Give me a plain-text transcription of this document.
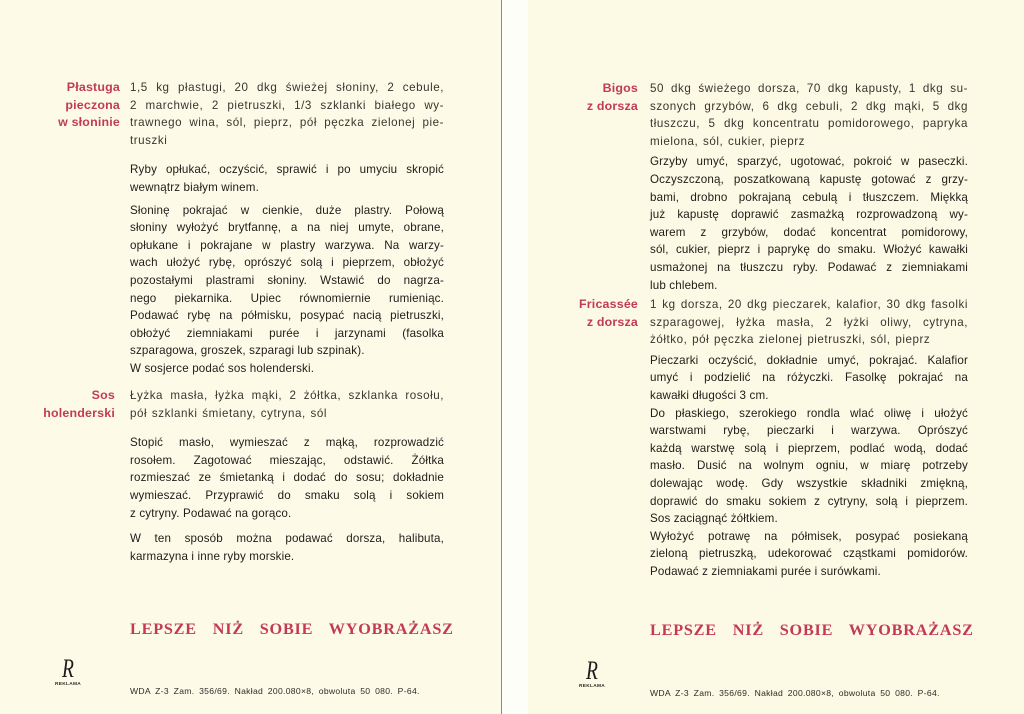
Płastuga
pieczona
w słoninie
1,5 kg płastugi, 20 dkg świeżej słoniny, 2 cebule,
2 marchwie, 2 pietruszki, 1/3 szklanki białego wy-
trawnego wina, sól, pieprz, pół pęczka zielonej pie-
truszki
Ryby opłukać, oczyścić, sprawić i po umyciu skropić
wewnątrz białym winem.
Słoninę pokrajać w cienkie, duże plastry. Połową
słoniny wyłożyć brytfannę, a na niej umyte, obrane,
opłukane i pokrajane w plastry warzywa. Na warzy-
wach ułożyć rybę, oprószyć solą i pieprzem, obłożyć
pozostałymi plastrami słoniny. Wstawić do nagrza-
nego piekarnika. Upiec równomiernie rumieniąc.
Podawać rybę na półmisku, posypać nacią pietruszki,
obłożyć ziemniakami purée i jarzynami (fasolka
szparagowa, groszek, szparagi lub szpinak).
W sosjerce podać sos holenderski.
Sos
holenderski
Łyżka masła, łyżka mąki, 2 żółtka, szklanka rosołu,
pół szklanki śmietany, cytryna, sól
Stopić masło, wymieszać z mąką, rozprowadzić
rosołem. Zagotować mieszając, odstawić. Żółtka
rozmieszać ze śmietanką i dodać do sosu; dokładnie
wymieszać. Przyprawić do smaku solą i sokiem
z cytryny. Podawać na gorąco.
W ten sposób można podawać dorsza, halibuta,
karmazyna i inne ryby morskie.
LEPSZE NIŻ SOBIE WYOBRAŻASZ
R
REKLAMA
WDA Z-3 Zam. 356/69. Nakład 200.080×8, obwoluta 50 080. P-64.
Bigos
z dorsza
50 dkg świeżego dorsza, 70 dkg kapusty, 1 dkg su-
szonych grzybów, 6 dkg cebuli, 2 dkg mąki, 5 dkg
tłuszczu, 5 dkg koncentratu pomidorowego, papryka
mielona, sól, cukier, pieprz
Grzyby umyć, sparzyć, ugotować, pokroić w paseczki.
Oczyszczoną, poszatkowaną kapustę gotować z grzy-
bami, drobno pokrajaną cebulą i tłuszczem. Miękką
już kapustę doprawić zasmażką rozprowadzoną wy-
warem z grzybów, dodać koncentrat pomidorowy,
sól, cukier, pieprz i paprykę do smaku. Włożyć kawałki
usmażonej na tłuszczu ryby. Podawać z ziemniakami
lub chlebem.
Fricassée
z dorsza
1 kg dorsza, 20 dkg pieczarek, kalafior, 30 dkg fasolki
szparagowej, łyżka masła, 2 łyżki oliwy, cytryna,
żółtko, pół pęczka zielonej pietruszki, sól, pieprz
Pieczarki oczyścić, dokładnie umyć, pokrajać. Kalafior
umyć i podzielić na różyczki. Fasolkę pokrajać na
kawałki długości 3 cm.
Do płaskiego, szerokiego rondla wlać oliwę i ułożyć
warstwami rybę, pieczarki i warzywa. Oprószyć
każdą warstwę solą i pieprzem, podlać wodą, dodać
masło. Dusić na wolnym ogniu, w miarę potrzeby
dolewając wodę. Gdy wszystkie składniki zmiękną,
doprawić do smaku sokiem z cytryny, solą i pieprzem.
Sos zaciągnąć żółtkiem.
Wyłożyć potrawę na półmisek, posypać posiekaną
zieloną pietruszką, udekorować cząstkami pomidorów.
Podawać z ziemniakami purée i surówkami.
LEPSZE NIŻ SOBIE WYOBRAŻASZ
R
REKLAMA
WDA Z-3 Zam. 356/69. Nakład 200.080×8, obwoluta 50 080. P-64.
